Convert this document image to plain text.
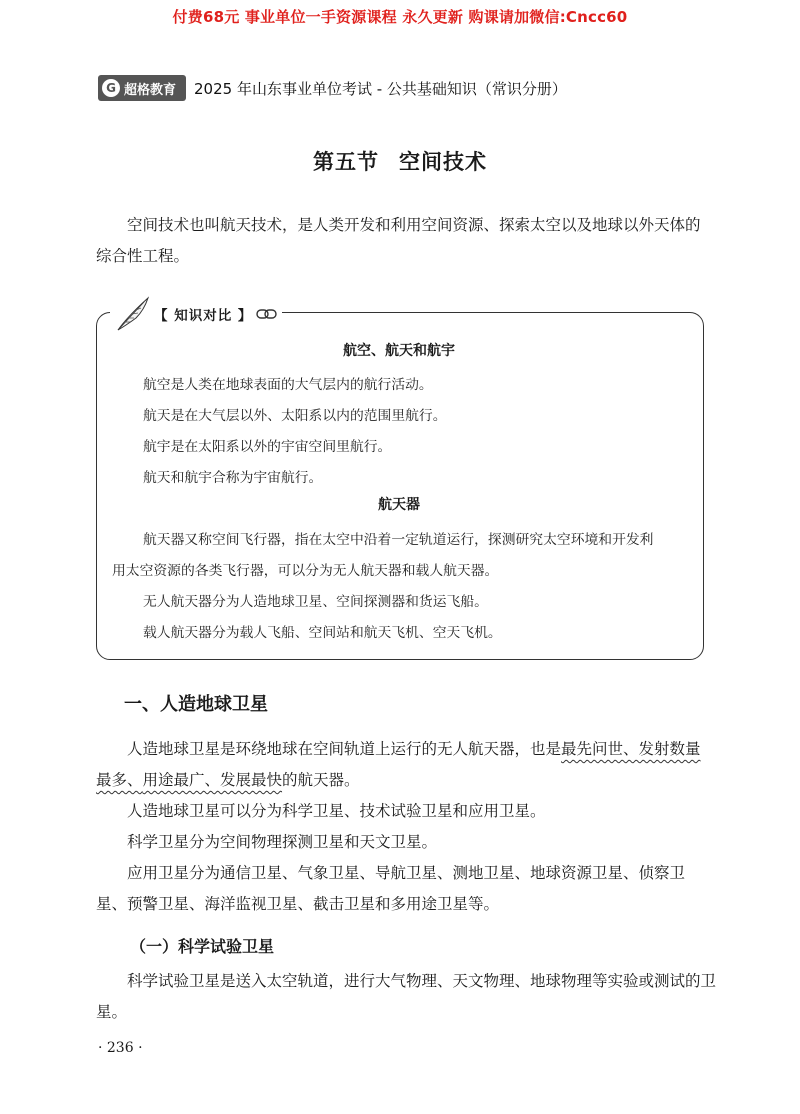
付费68元 事业单位一手资源课程 永久更新 购课请加微信:Cncc60
G 超格教育 2025 年山东事业单位考试 - 公共基础知识（常识分册）
第五节 空间技术
空间技术也叫航天技术，是人类开发和利用空间资源、探索太空以及地球以外天体的综合性工程。
【 知识对比 】
航空、航天和航宇
航空是人类在地球表面的大气层内的航行活动。
航天是在大气层以外、太阳系以内的范围里航行。
航宇是在太阳系以外的宇宙空间里航行。
航天和航宇合称为宇宙航行。
航天器
航天器又称空间飞行器，指在太空中沿着一定轨道运行，探测研究太空环境和开发利
用太空资源的各类飞行器，可以分为无人航天器和载人航天器。
无人航天器分为人造地球卫星、空间探测器和货运飞船。
载人航天器分为载人飞船、空间站和航天飞机、空天飞机。
一、人造地球卫星
人造地球卫星是环绕地球在空间轨道上运行的无人航天器，也是最先问世、发射数量最多、用途最广、发展最快的航天器。
人造地球卫星可以分为科学卫星、技术试验卫星和应用卫星。
科学卫星分为空间物理探测卫星和天文卫星。
应用卫星分为通信卫星、气象卫星、导航卫星、测地卫星、地球资源卫星、侦察卫星、预警卫星、海洋监视卫星、截击卫星和多用途卫星等。
（一）科学试验卫星
科学试验卫星是送入太空轨道，进行大气物理、天文物理、地球物理等实验或测试的卫星。
· 236 ·
